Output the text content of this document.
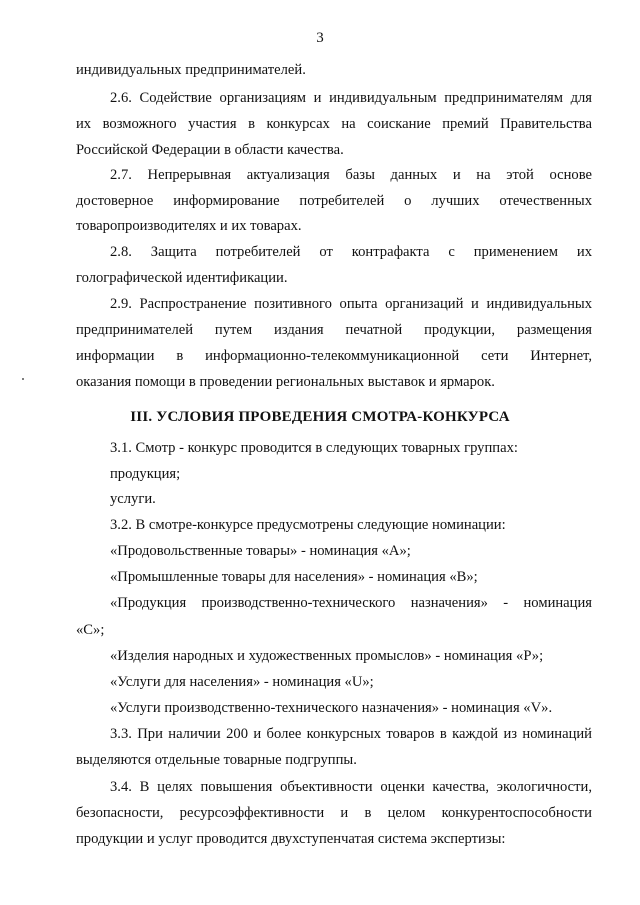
3
индивидуальных предпринимателей.
2.6. Содействие организациям и индивидуальным предпринимателям для
их возможного участия в конкурсах на соискание премий Правительства
Российской Федерации в области качества.
2.7. Непрерывная актуализация базы данных и на этой основе
достоверное информирование потребителей о лучших отечественных
товаропроизводителях и их товарах.
2.8. Защита потребителей от контрафакта с применением их
голографической идентификации.
2.9. Распространение позитивного опыта организаций и индивидуальных
предпринимателей путем издания печатной продукции, размещения
информации в информационно-телекоммуникационной сети Интернет,
оказания помощи в проведении региональных выставок и ярмарок.
III. УСЛОВИЯ ПРОВЕДЕНИЯ СМОТРА-КОНКУРСА
3.1. Смотр - конкурс проводится в следующих товарных группах:
продукция;
услуги.
3.2. В смотре-конкурсе предусмотрены следующие номинации:
«Продовольственные товары» - номинация «А»;
«Промышленные товары для населения» - номинация «В»;
«Продукция производственно-технического назначения» - номинация
«С»;
«Изделия народных и художественных промыслов» - номинация «Р»;
«Услуги для населения» - номинация «U»;
«Услуги производственно-технического назначения» - номинация «V».
3.3. При наличии 200 и более конкурсных товаров в каждой из номинаций
выделяются отдельные товарные подгруппы.
3.4. В целях повышения объективности оценки качества, экологичности,
безопасности, ресурсоэффективности и в целом конкурентоспособности
продукции и услуг проводится двухступенчатая система экспертизы:
